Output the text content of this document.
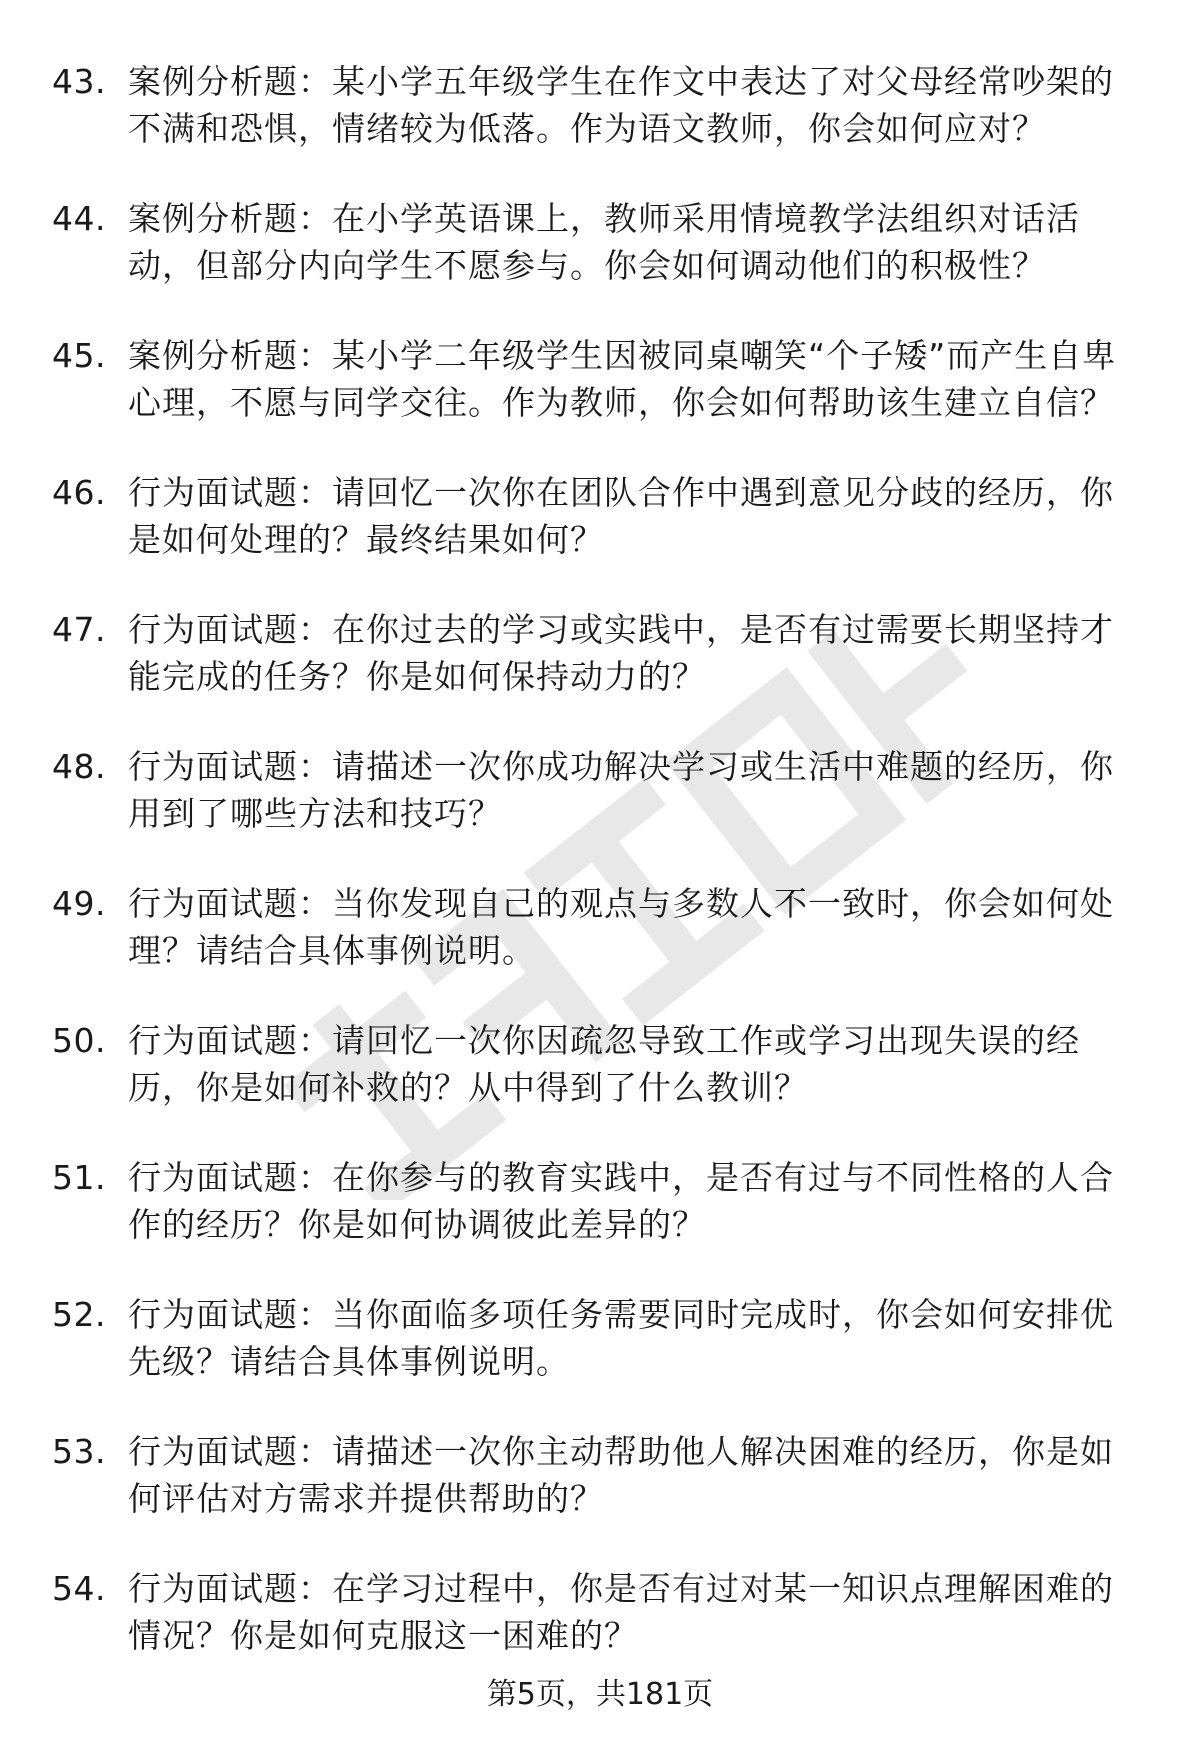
43. 案例分析题：某小学五年级学生在作文中表达了对父母经常吵架的不满和恐惧，情绪较为低落。作为语文教师，你会如何应对？
44. 案例分析题：在小学英语课上，教师采用情境教学法组织对话活动，但部分内向学生不愿参与。你会如何调动他们的积极性？
45. 案例分析题：某小学二年级学生因被同桌嘲笑“个子矮”而产生自卑心理，不愿与同学交往。作为教师，你会如何帮助该生建立自信？
46. 行为面试题：请回忆一次你在团队合作中遇到意见分歧的经历，你是如何处理的？最终结果如何？
47. 行为面试题：在你过去的学习或实践中，是否有过需要长期坚持才能完成的任务？你是如何保持动力的？
48. 行为面试题：请描述一次你成功解决学习或生活中难题的经历，你用到了哪些方法和技巧？
49. 行为面试题：当你发现自己的观点与多数人不一致时，你会如何处理？请结合具体事例说明。
50. 行为面试题：请回忆一次你因疏忽导致工作或学习出现失误的经历，你是如何补救的？从中得到了什么教训？
51. 行为面试题：在你参与的教育实践中，是否有过与不同性格的人合作的经历？你是如何协调彼此差异的？
52. 行为面试题：当你面临多项任务需要同时完成时，你会如何安排优先级？请结合具体事例说明。
53. 行为面试题：请描述一次你主动帮助他人解决困难的经历，你是如何评估对方需求并提供帮助的？
54. 行为面试题：在学习过程中，你是否有过对某一知识点理解困难的情况？你是如何克服这一困难的？
第5页，共181页
